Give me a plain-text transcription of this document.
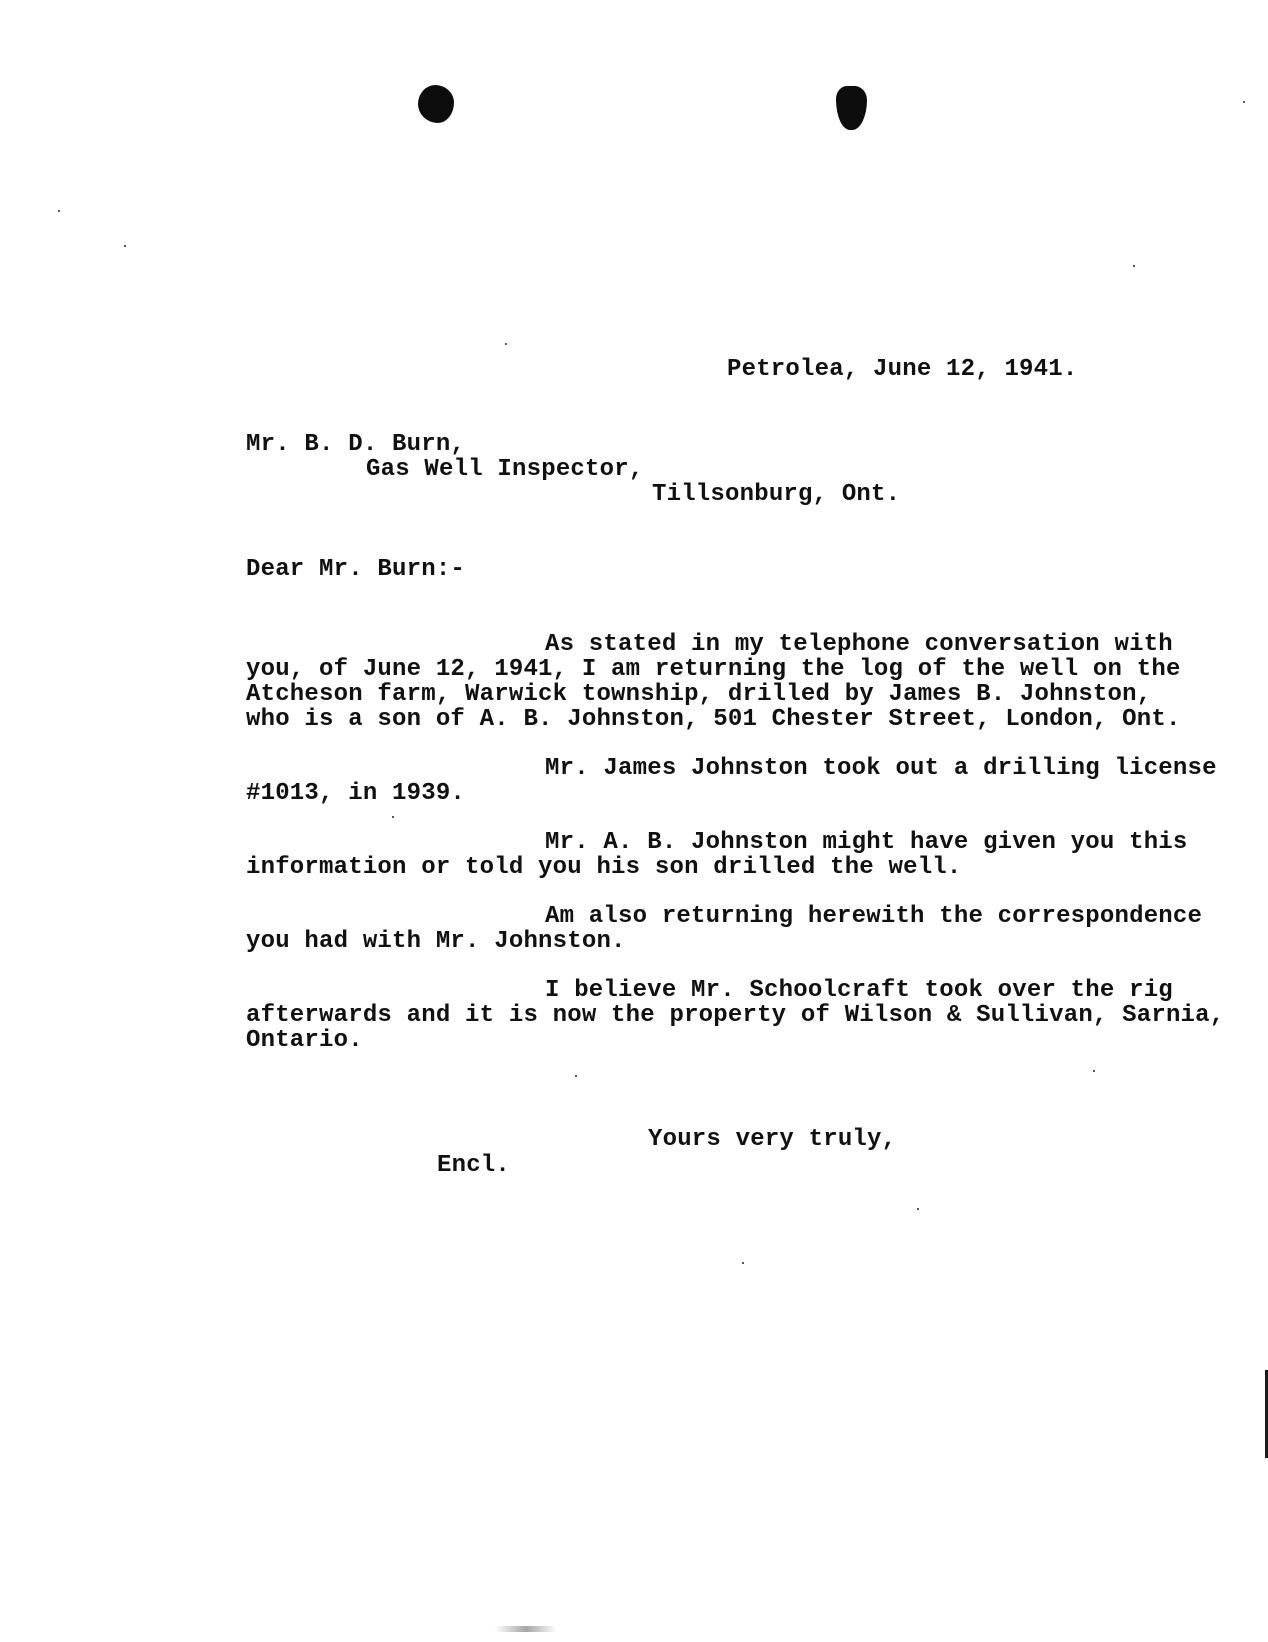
Petrolea, June 12, 1941.
Mr. B. D. Burn,
Gas Well Inspector,
Tillsonburg, Ont.
Dear Mr. Burn:-
As stated in my telephone conversation with
you, of June 12, 1941, I am returning the log of the well on the
Atcheson farm, Warwick township, drilled by James B. Johnston,
who is a son of A. B. Johnston, 501 Chester Street, London, Ont.
Mr. James Johnston took out a drilling license
#1013, in 1939.
Mr. A. B. Johnston might have given you this
information or told you his son drilled the well.
Am also returning herewith the correspondence
you had with Mr. Johnston.
I believe Mr. Schoolcraft took over the rig
afterwards and it is now the property of Wilson & Sullivan, Sarnia,
Ontario.
Yours very truly,
Encl.
